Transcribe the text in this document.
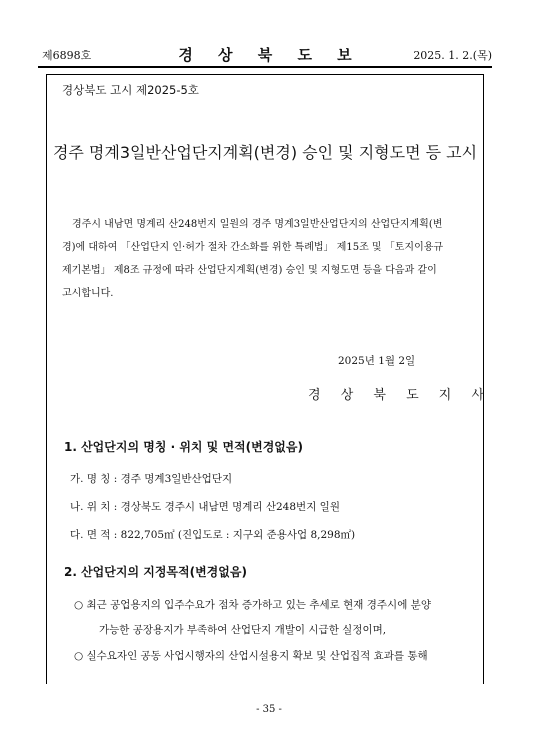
제6898호	경 상 북 도 보	2025. 1. 2.(목)
경상북도 고시 제2025-5호
경주 명계3일반산업단지계획(변경) 승인 및 지형도면 등 고시
경주시 내남면 명계리 산248번지 일원의 경주 명계3일반산업단지의 산업단지계획(변
경)에 대하여 「산업단지 인·허가 절차 간소화를 위한 특례법」 제15조 및 「토지이용규
제기본법」 제8조 규정에 따라 산업단지계획(변경) 승인 및 지형도면 등을 다음과 같이
고시합니다.
2025년 1월 2일
경 상 북 도 지 사
1. 산업단지의 명칭 · 위치 및 면적(변경없음)
가. 명 칭 : 경주 명계3일반산업단지
나. 위 치 : 경상북도 경주시 내남면 명계리 산248번지 일원
다. 면 적 : 822,705㎡ (진입도로 : 지구외 준용사업 8,298㎡)
2. 산업단지의 지정목적(변경없음)
○ 최근 공업용지의 입주수요가 점차 증가하고 있는 추세로 현재 경주시에 분양
가능한 공장용지가 부족하여 산업단지 개발이 시급한 실정이며,
○ 실수요자인 공동 사업시행자의 산업시설용지 확보 및 산업집적 효과를 통해
- 35 -
